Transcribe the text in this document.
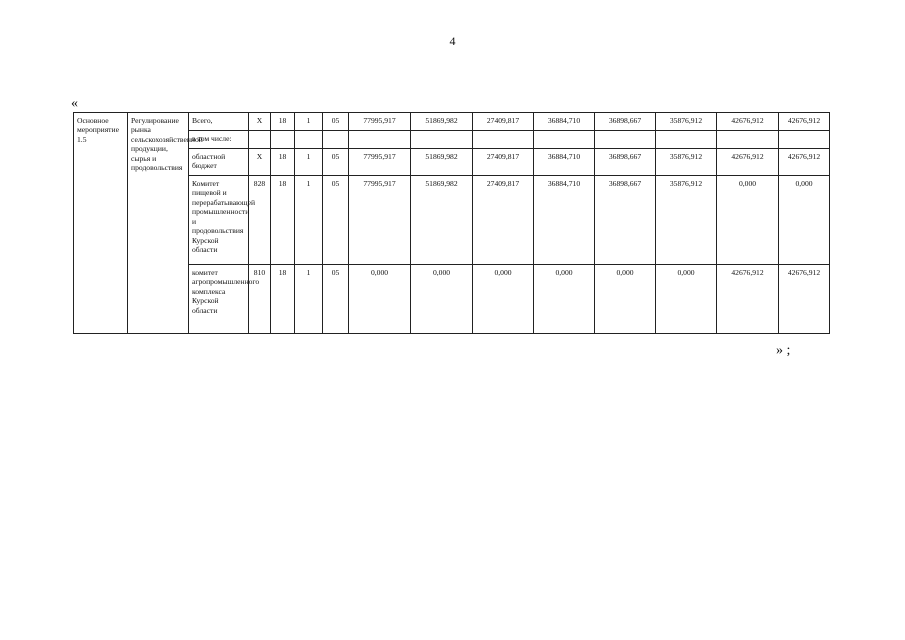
4
«
Основное мероприятие 1.5	Регулирование рынка сельскохозяйственной продукции, сырья и продовольствия	Всего,	X	18	1	05	77995,917	51869,982	27409,817	36884,710	36898,667	35876,912	42676,912	42676,912
		в том числе:												
		областной бюджет	X	18	1	05	77995,917	51869,982	27409,817	36884,710	36898,667	35876,912	42676,912	42676,912
		Комитет пищевой и перерабатывающей промышленности и продовольствия Курской области	828	18	1	05	77995,917	51869,982	27409,817	36884,710	36898,667	35876,912	0,000	0,000
		комитет агропромышленного комплекса Курской области	810	18	1	05	0,000	0,000	0,000	0,000	0,000	0,000	42676,912	42676,912
» ;
